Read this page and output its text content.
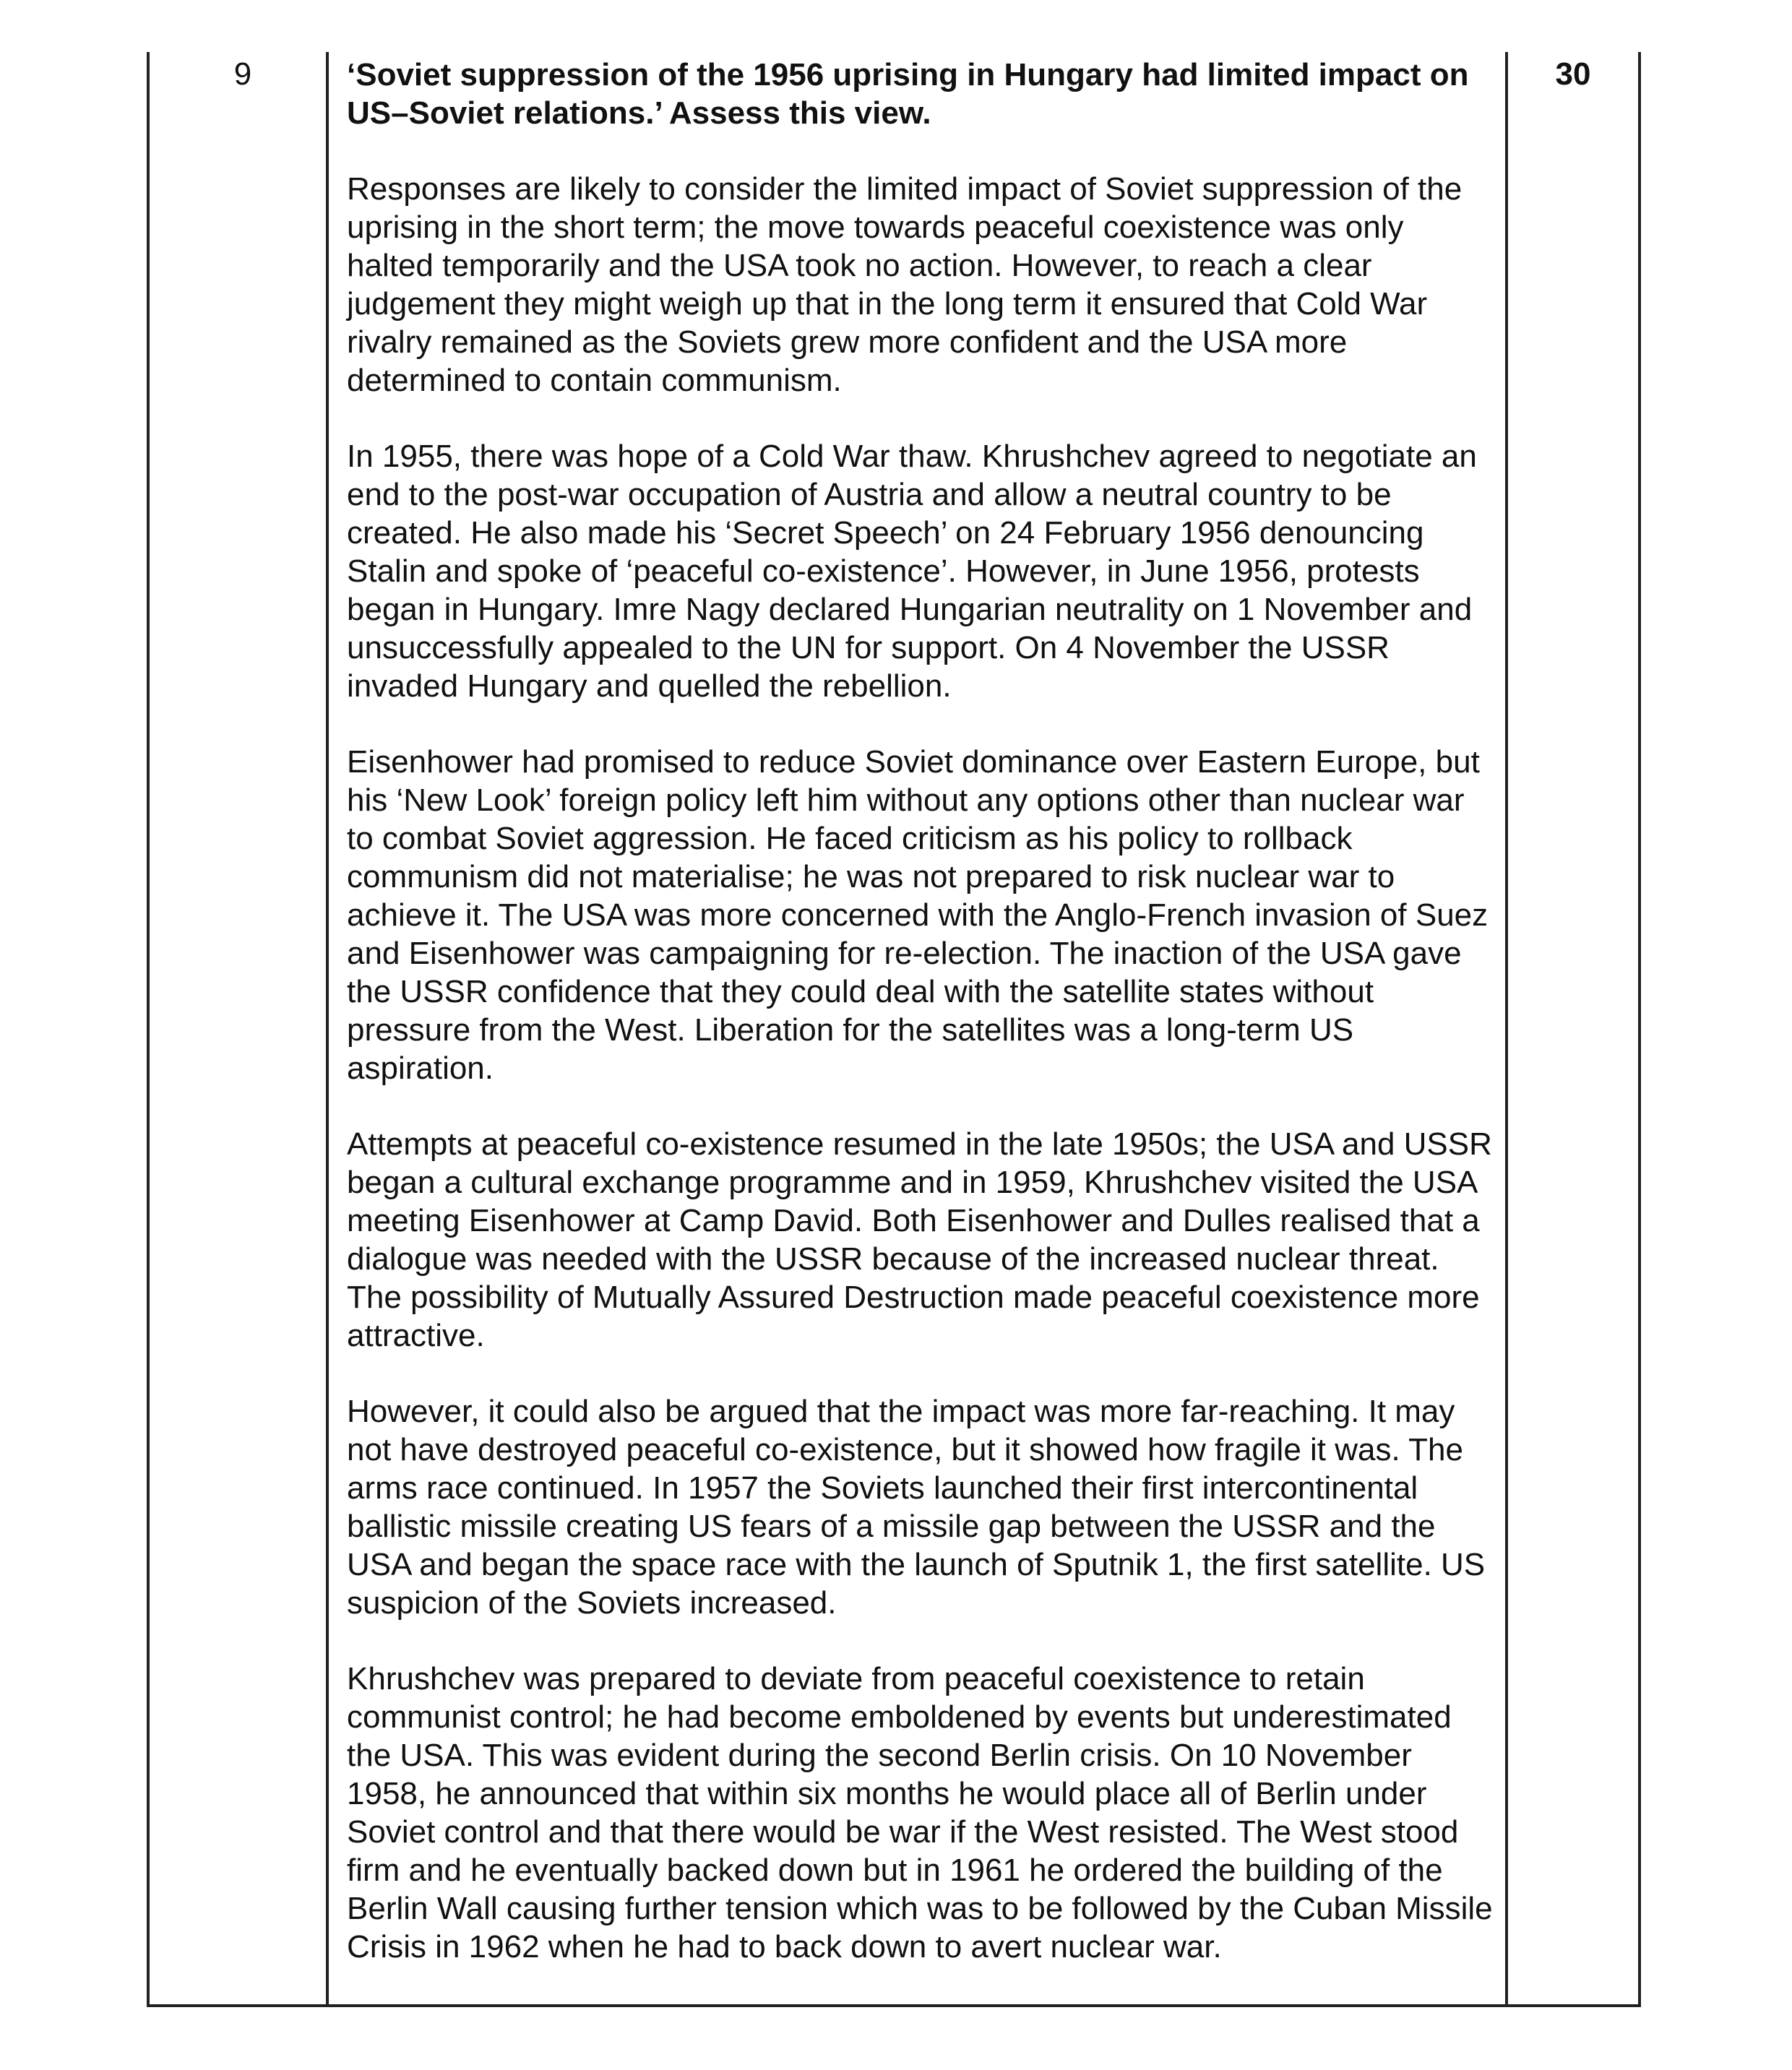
9	‘Soviet suppression of the 1956 uprising in Hungary had limited impact on US–Soviet relations.’ Assess this view.

Responses are likely to consider the limited impact of Soviet suppression of the uprising in the short term; the move towards peaceful coexistence was only halted temporarily and the USA took no action. However, to reach a clear judgement they might weigh up that in the long term it ensured that Cold War rivalry remained as the Soviets grew more confident and the USA more determined to contain communism.

In 1955, there was hope of a Cold War thaw. Khrushchev agreed to negotiate an end to the post-war occupation of Austria and allow a neutral country to be created. He also made his ‘Secret Speech’ on 24 February 1956 denouncing Stalin and spoke of ‘peaceful co-existence’. However, in June 1956, protests began in Hungary. Imre Nagy declared Hungarian neutrality on 1 November and unsuccessfully appealed to the UN for support. On 4 November the USSR invaded Hungary and quelled the rebellion.

Eisenhower had promised to reduce Soviet dominance over Eastern Europe, but his ‘New Look’ foreign policy left him without any options other than nuclear war to combat Soviet aggression. He faced criticism as his policy to rollback communism did not materialise; he was not prepared to risk nuclear war to achieve it. The USA was more concerned with the Anglo-French invasion of Suez and Eisenhower was campaigning for re-election. The inaction of the USA gave the USSR confidence that they could deal with the satellite states without pressure from the West. Liberation for the satellites was a long-term US aspiration.

Attempts at peaceful co-existence resumed in the late 1950s; the USA and USSR began a cultural exchange programme and in 1959, Khrushchev visited the USA meeting Eisenhower at Camp David. Both Eisenhower and Dulles realised that a dialogue was needed with the USSR because of the increased nuclear threat. The possibility of Mutually Assured Destruction made peaceful coexistence more attractive.

However, it could also be argued that the impact was more far-reaching. It may not have destroyed peaceful co-existence, but it showed how fragile it was. The arms race continued. In 1957 the Soviets launched their first intercontinental ballistic missile creating US fears of a missile gap between the USSR and the USA and began the space race with the launch of Sputnik 1, the first satellite. US suspicion of the Soviets increased.

Khrushchev was prepared to deviate from peaceful coexistence to retain communist control; he had become emboldened by events but underestimated the USA. This was evident during the second Berlin crisis. On 10 November 1958, he announced that within six months he would place all of Berlin under Soviet control and that there would be war if the West resisted. The West stood firm and he eventually backed down but in 1961 he ordered the building of the Berlin Wall causing further tension which was to be followed by the Cuban Missile Crisis in 1962 when he had to back down to avert nuclear war.

30
